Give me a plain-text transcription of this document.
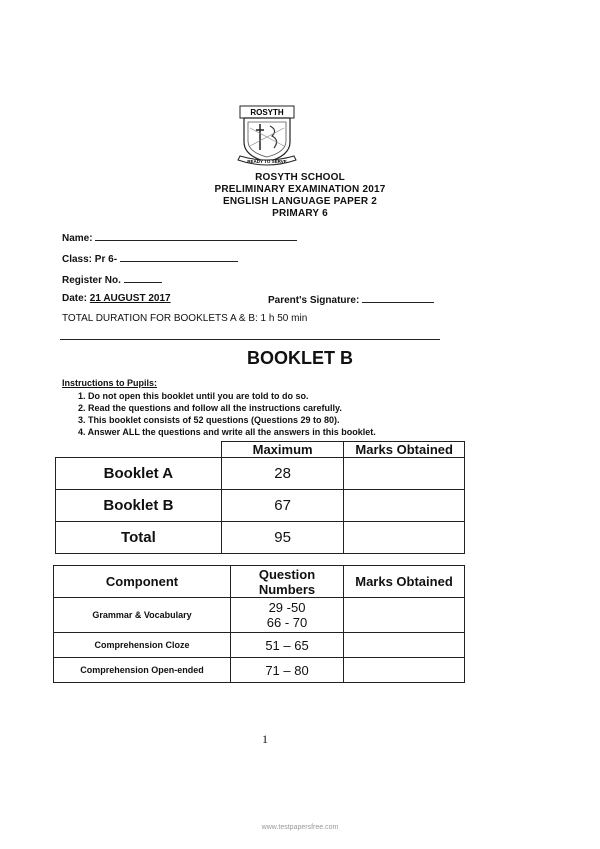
ROSYTH
READY TO SERVE
ROSYTH SCHOOL
PRELIMINARY EXAMINATION 2017
ENGLISH LANGUAGE PAPER 2
PRIMARY 6
Name:
Class: Pr 6-
Register No.
Date: 21 AUGUST 2017	Parent's Signature:
TOTAL DURATION FOR BOOKLETS A & B: 1 h 50 min
BOOKLET B
Instructions to Pupils:
1. Do not open this booklet until you are told to do so.
2. Read the questions and follow all the instructions carefully.
3. This booklet consists of 52 questions (Questions 29 to 80).
4. Answer ALL the questions and write all the answers in this booklet.
	Maximum	Marks Obtained
Booklet A	28	
Booklet B	67	
Total	95	
Component	Question Numbers	Marks Obtained
Grammar & Vocabulary	29 -50
66 - 70	

Comprehension Cloze	51 – 65	
Comprehension Open-ended	71 – 80	
1
www.testpapersfree.com
